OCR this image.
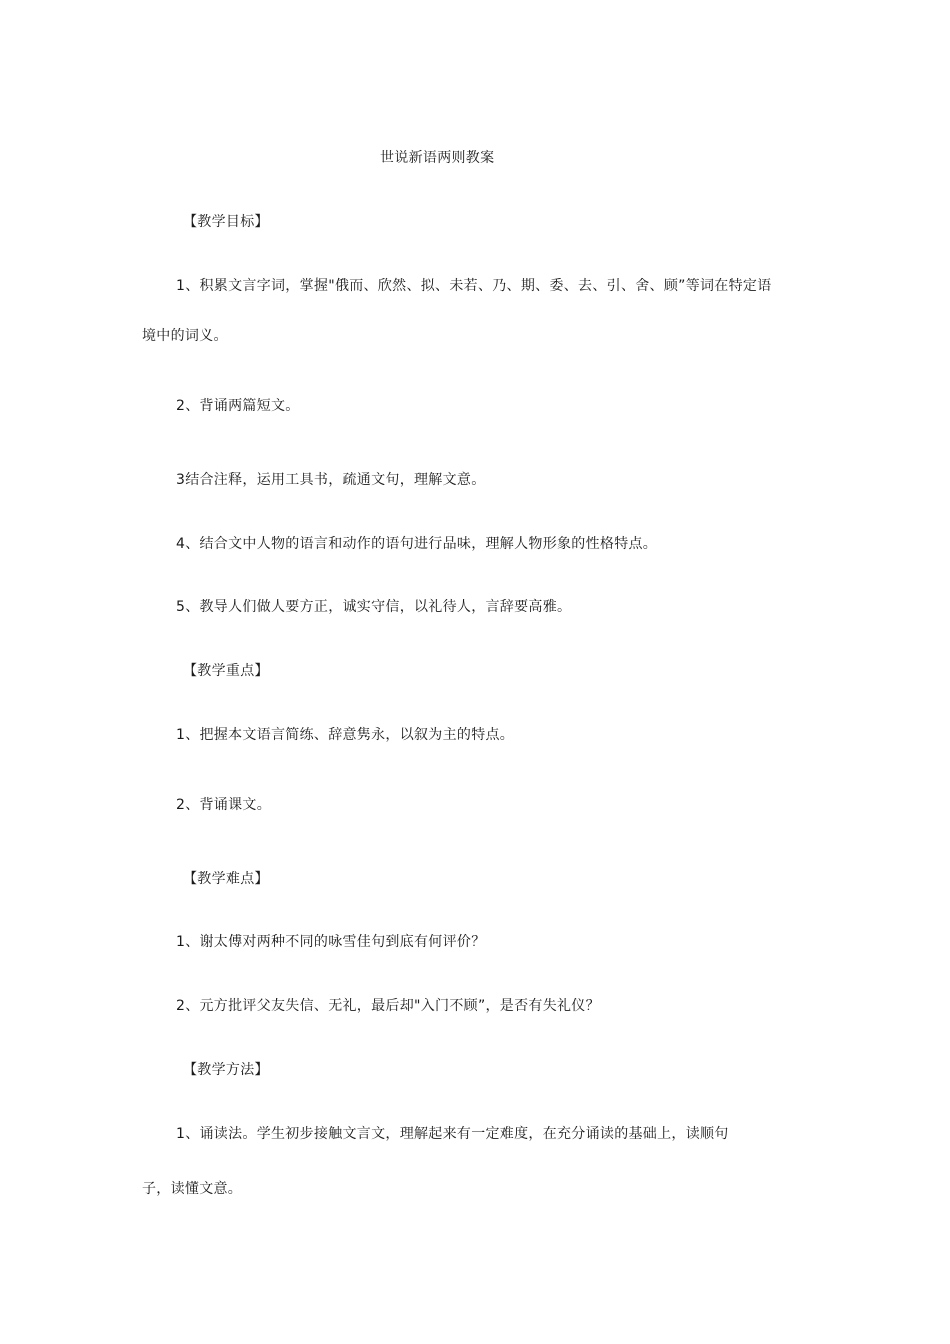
世说新语两则教案
【教学目标】
1、积累文言字词，掌握"俄而、欣然、拟、未若、乃、期、委、去、引、舍、顾”等词在特定语
境中的词义。
2、背诵两篇短文。
3结合注释，运用工具书，疏通文句，理解文意。
4、结合文中人物的语言和动作的语句进行品味，理解人物形象的性格特点。
5、教导人们做人要方正，诚实守信，以礼待人，言辞要高雅。
【教学重点】
1、把握本文语言简练、辞意隽永，以叙为主的特点。
2、背诵课文。
【教学难点】
1、谢太傅对两种不同的咏雪佳句到底有何评价？
2、元方批评父友失信、无礼，最后却"入门不顾”，是否有失礼仪？
【教学方法】
1、诵读法。学生初步接触文言文，理解起来有一定难度，在充分诵读的基础上，读顺句
子，读懂文意。
